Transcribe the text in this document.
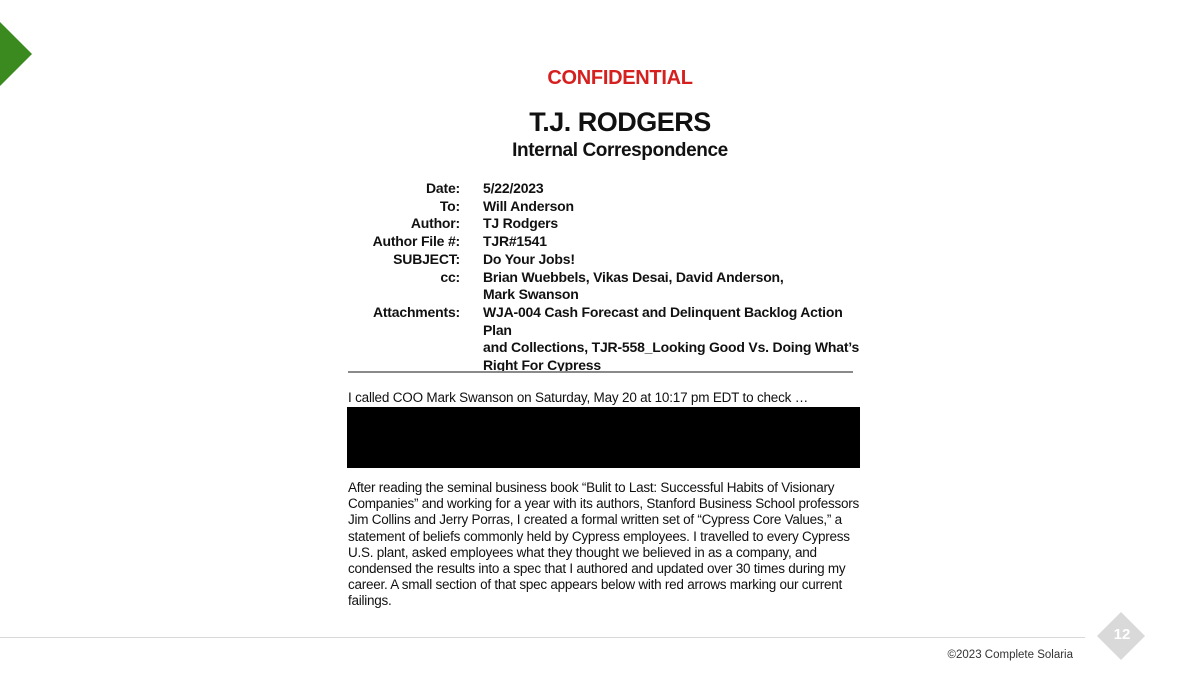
CONFIDENTIAL
T.J. RODGERS
Internal Correspondence
Date:	5/22/2023
To:	Will Anderson
Author:	TJ Rodgers
Author File #:	TJR#1541
SUBJECT:	Do Your Jobs!
cc:	Brian Wuebbels, Vikas Desai, David Anderson,
Mark Swanson

Attachments:	WJA-004 Cash Forecast and Delinquent Backlog Action Plan
and Collections, TJR-558_Looking Good Vs. Doing What’s
Right For Cypress
I called COO Mark Swanson on Saturday, May 20 at 10:17 pm EDT to check …
After reading the seminal business book “Bulit to Last: Successful Habits of Visionary Companies” and working for a year with its authors, Stanford Business School professors Jim Collins and Jerry Porras, I created a formal written set of “Cypress Core Values,” a statement of beliefs commonly held by Cypress employees. I travelled to every Cypress U.S. plant, asked employees what they thought we believed in as a company, and condensed the results into a spec that I authored and updated over 30 times during my career. A small section of that spec appears below with red arrows marking our current failings.
12
©2023 Complete Solaria
